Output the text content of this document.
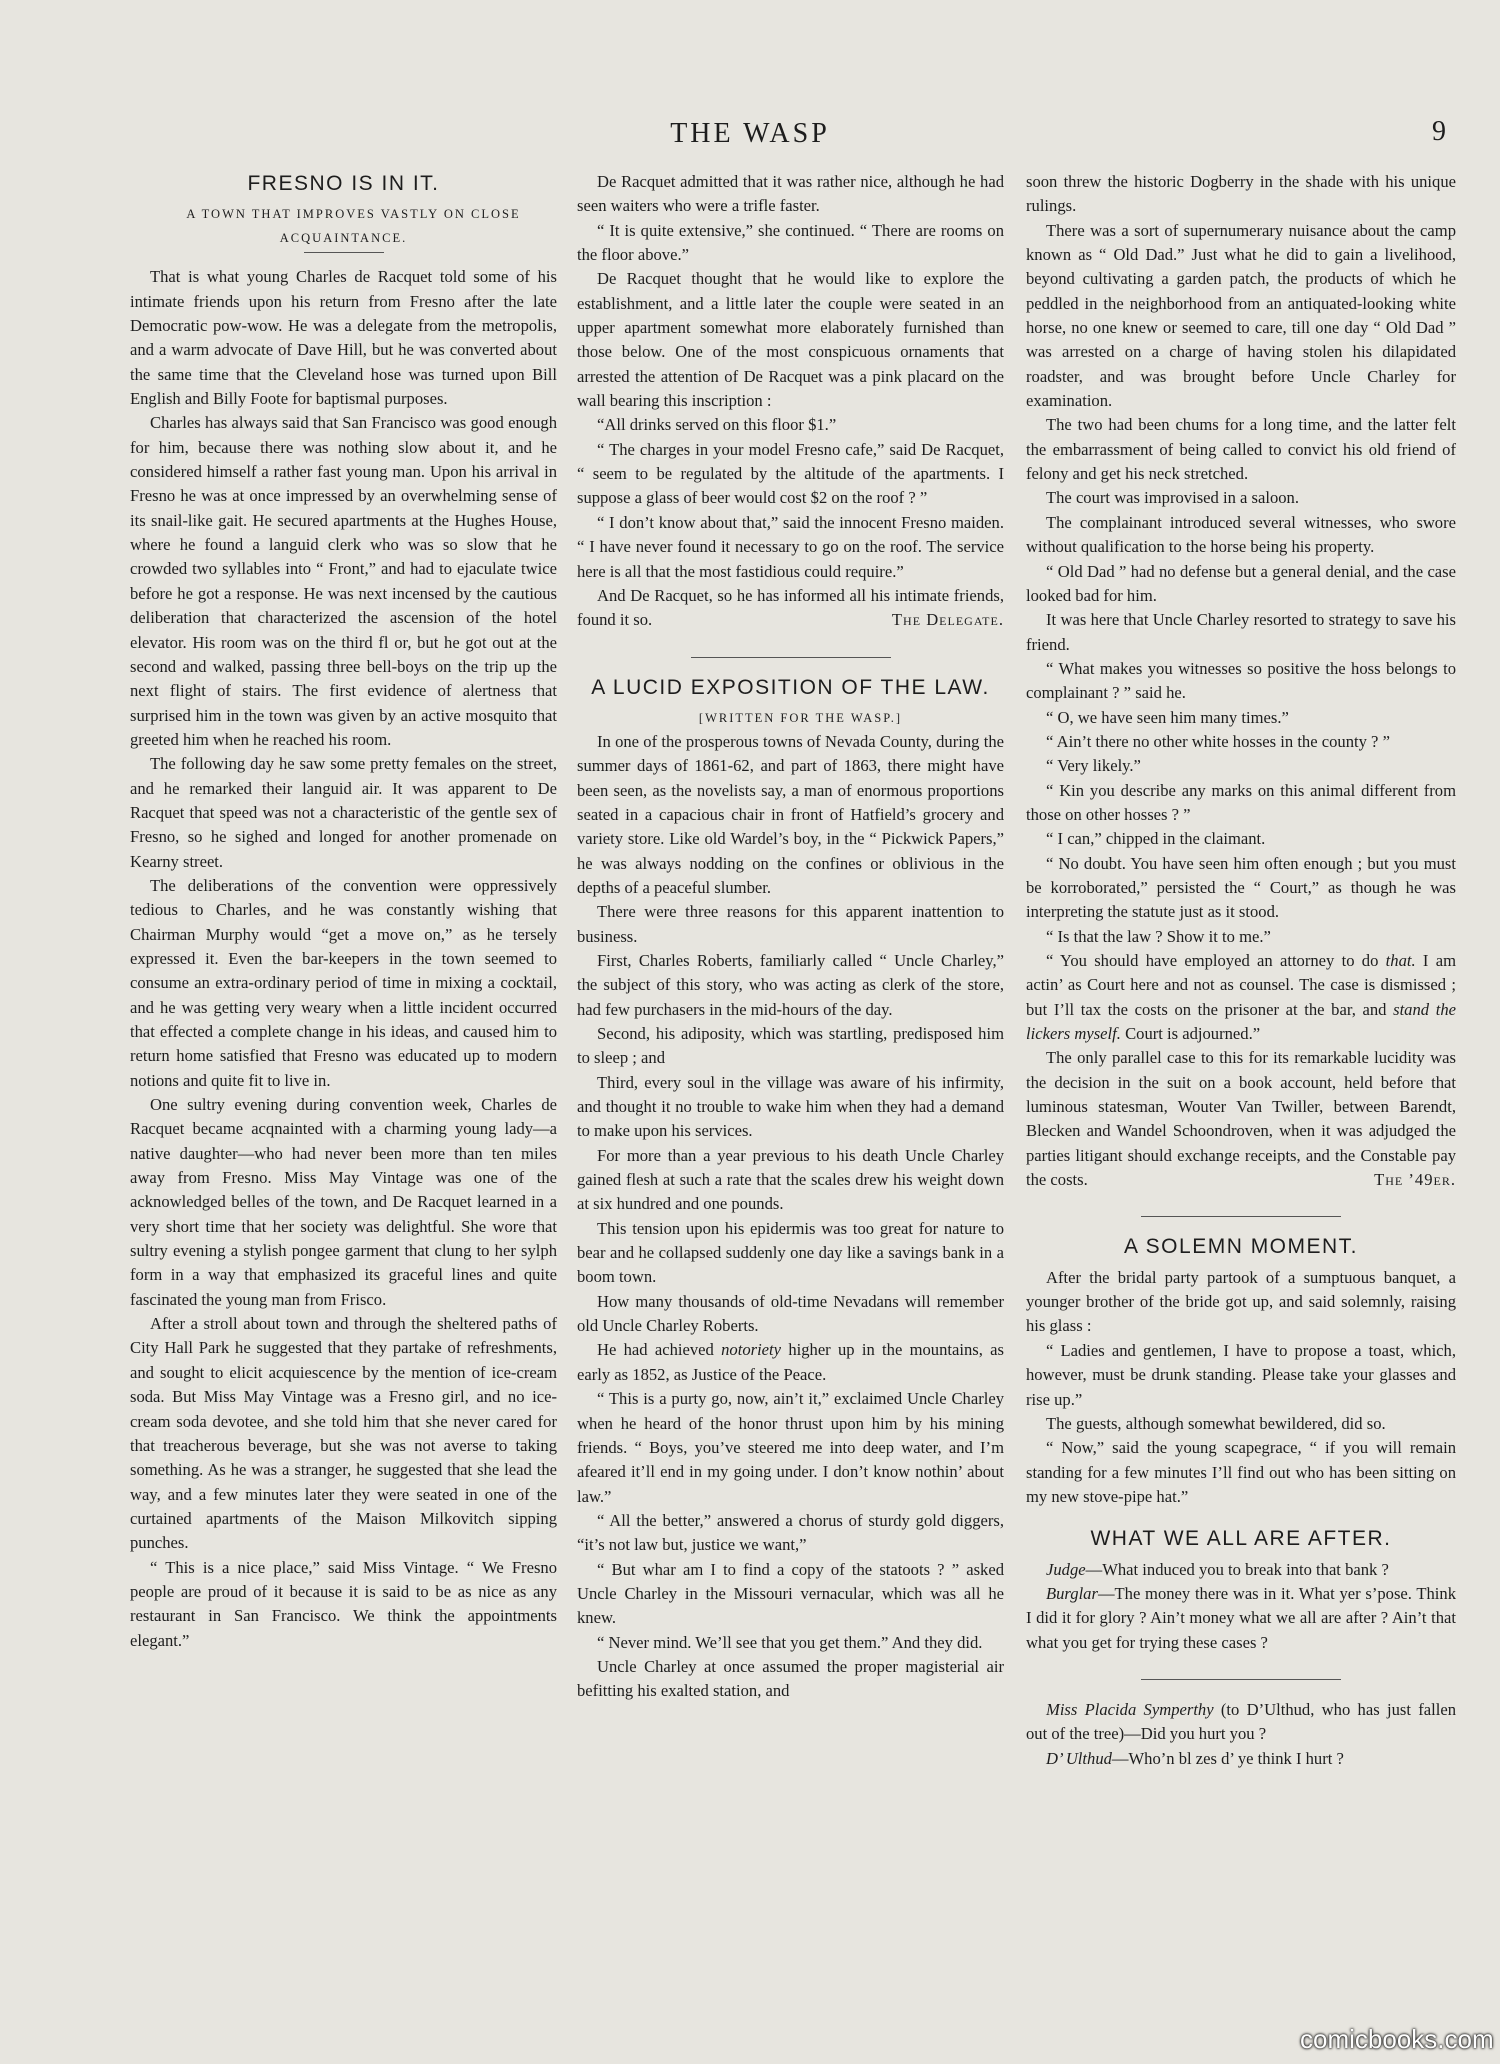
THE WASP	9
FRESNO IS IN IT.

A TOWN THAT IMPROVES VASTLY ON CLOSE ACQUAINTANCE.

That is what young Charles de Racquet told some of his intimate friends upon his return from Fresno after the late Democratic pow-wow. He was a delegate from the metropolis, and a warm advocate of Dave Hill, but he was converted about the same time that the Cleveland hose was turned upon Bill English and Billy Foote for baptismal purposes.

Charles has always said that San Francisco was good enough for him, because there was nothing slow about it, and he considered himself a rather fast young man. Upon his arrival in Fresno he was at once impressed by an overwhelming sense of its snail-like gait. He secured apartments at the Hughes House, where he found a languid clerk who was so slow that he crowded two syllables into “ Front,” and had to ejaculate twice before he got a response. He was next incensed by the cautious deliberation that characterized the ascension of the hotel elevator. His room was on the third fl or, but he got out at the second and walked, passing three bell-boys on the trip up the next flight of stairs. The first evidence of alertness that surprised him in the town was given by an active mosquito that greeted him when he reached his room.

The following day he saw some pretty females on the street, and he remarked their languid air. It was apparent to De Racquet that speed was not a characteristic of the gentle sex of Fresno, so he sighed and longed for another promenade on Kearny street.

The deliberations of the convention were oppressively tedious to Charles, and he was constantly wishing that Chairman Murphy would “get a move on,” as he tersely expressed it. Even the bar-keepers in the town seemed to consume an extra-ordinary period of time in mixing a cocktail, and he was getting very weary when a little incident occurred that effected a complete change in his ideas, and caused him to return home satisfied that Fresno was educated up to modern notions and quite fit to live in.

One sultry evening during convention week, Charles de Racquet became acqnainted with a charming young lady—a native daughter—who had never been more than ten miles away from Fresno. Miss May Vintage was one of the acknowledged belles of the town, and De Racquet learned in a very short time that her society was delightful. She wore that sultry evening a stylish pongee garment that clung to her sylph form in a way that emphasized its graceful lines and quite fascinated the young man from Frisco.

After a stroll about town and through the sheltered paths of City Hall Park he suggested that they partake of refreshments, and sought to elicit acquiescence by the mention of ice-cream soda. But Miss May Vintage was a Fresno girl, and no ice-cream soda devotee, and she told him that she never cared for that treacherous beverage, but she was not averse to taking something. As he was a stranger, he suggested that she lead the way, and a few minutes later they were seated in one of the curtained apartments of the Maison Milkovitch sipping punches.

“ This is a nice place,” said Miss Vintage. “ We Fresno people are proud of it because it is said to be as nice as any restaurant in San Francisco. We think the appointments elegant.”

De Racquet admitted that it was rather nice, although he had seen waiters who were a trifle faster.

“ It is quite extensive,” she continued. “ There are rooms on the floor above.”

De Racquet thought that he would like to explore the establishment, and a little later the couple were seated in an upper apartment somewhat more elaborately furnished than those below. One of the most conspicuous ornaments that arrested the attention of De Racquet was a pink placard on the wall bearing this inscription :

“All drinks served on this floor $1.”

“ The charges in your model Fresno cafe,” said De Racquet, “ seem to be regulated by the altitude of the apartments. I suppose a glass of beer would cost $2 on the roof ? ”

“ I don’t know about that,” said the innocent Fresno maiden. “ I have never found it necessary to go on the roof. The service here is all that the most fastidious could require.”

And De Racquet, so he has informed all his intimate friends, found it so.	The Delegate.

A LUCID EXPOSITION OF THE LAW.

[WRITTEN FOR THE WASP.]

In one of the prosperous towns of Nevada County, during the summer days of 1861-62, and part of 1863, there might have been seen, as the novelists say, a man of enormous proportions seated in a capacious chair in front of Hatfield’s grocery and variety store. Like old Wardel’s boy, in the “ Pickwick Papers,” he was always nodding on the confines or oblivious in the depths of a peaceful slumber.

There were three reasons for this apparent inattention to business.

First, Charles Roberts, familiarly called “ Uncle Charley,” the subject of this story, who was acting as clerk of the store, had few purchasers in the mid-hours of the day.

Second, his adiposity, which was startling, predisposed him to sleep ; and

Third, every soul in the village was aware of his infirmity, and thought it no trouble to wake him when they had a demand to make upon his services.

For more than a year previous to his death Uncle Charley gained flesh at such a rate that the scales drew his weight down at six hundred and one pounds.

This tension upon his epidermis was too great for nature to bear and he collapsed suddenly one day like a savings bank in a boom town.

How many thousands of old-time Nevadans will remember old Uncle Charley Roberts.

He had achieved notoriety higher up in the mountains, as early as 1852, as Justice of the Peace.

“ This is a purty go, now, ain’t it,” exclaimed Uncle Charley when he heard of the honor thrust upon him by his mining friends. “ Boys, you’ve steered me into deep water, and I’m afeared it’ll end in my going under. I don’t know nothin’ about law.”

“ All the better,” answered a chorus of sturdy gold diggers, “it’s not law but, justice we want,”

“ But whar am I to find a copy of the statoots ? ” asked Uncle Charley in the Missouri vernacular, which was all he knew.

“ Never mind. We’ll see that you get them.” And they did.

Uncle Charley at once assumed the proper magisterial air befitting his exalted station, and

soon threw the historic Dogberry in the shade with his unique rulings.

There was a sort of supernumerary nuisance about the camp known as “ Old Dad.” Just what he did to gain a livelihood, beyond cultivating a garden patch, the products of which he peddled in the neighborhood from an antiquated-looking white horse, no one knew or seemed to care, till one day “ Old Dad ” was arrested on a charge of having stolen his dilapidated roadster, and was brought before Uncle Charley for examination.

The two had been chums for a long time, and the latter felt the embarrassment of being called to convict his old friend of felony and get his neck stretched.

The court was improvised in a saloon.

The complainant introduced several witnesses, who swore without qualification to the horse being his property.

“ Old Dad ” had no defense but a general denial, and the case looked bad for him.

It was here that Uncle Charley resorted to strategy to save his friend.

“ What makes you witnesses so positive the hoss belongs to complainant ? ” said he.

“ O, we have seen him many times.”

“ Ain’t there no other white hosses in the county ? ”

“ Very likely.”

“ Kin you describe any marks on this animal different from those on other hosses ? ”

“ I can,” chipped in the claimant.

“ No doubt. You have seen him often enough ; but you must be korroborated,” persisted the “ Court,” as though he was interpreting the statute just as it stood.

“ Is that the law ? Show it to me.”

“ You should have employed an attorney to do that. I am actin’ as Court here and not as counsel. The case is dismissed ; but I’ll tax the costs on the prisoner at the bar, and stand the lickers myself. Court is adjourned.”

The only parallel case to this for its remarkable lucidity was the decision in the suit on a book account, held before that luminous statesman, Wouter Van Twiller, between Barendt, Blecken and Wandel Schoondroven, when it was adjudged the parties litigant should exchange receipts, and the Constable pay the costs.	The ’49er.

A SOLEMN MOMENT.

After the bridal party partook of a sumptuous banquet, a younger brother of the bride got up, and said solemnly, raising his glass :

“ Ladies and gentlemen, I have to propose a toast, which, however, must be drunk standing. Please take your glasses and rise up.”

The guests, although somewhat bewildered, did so.

“ Now,” said the young scapegrace, “ if you will remain standing for a few minutes I’ll find out who has been sitting on my new stove-pipe hat.”

WHAT WE ALL ARE AFTER.

Judge—What induced you to break into that bank ?

Burglar—The money there was in it. What yer s’pose. Think I did it for glory ? Ain’t money what we all are after ? Ain’t that what you get for trying these cases ?

Miss Placida Symperthy (to D’Ulthud, who has just fallen out of the tree)—Did you hurt you ?

D’ Ulthud—Who’n bl zes d’ ye think I hurt ?

comicbooks.com
